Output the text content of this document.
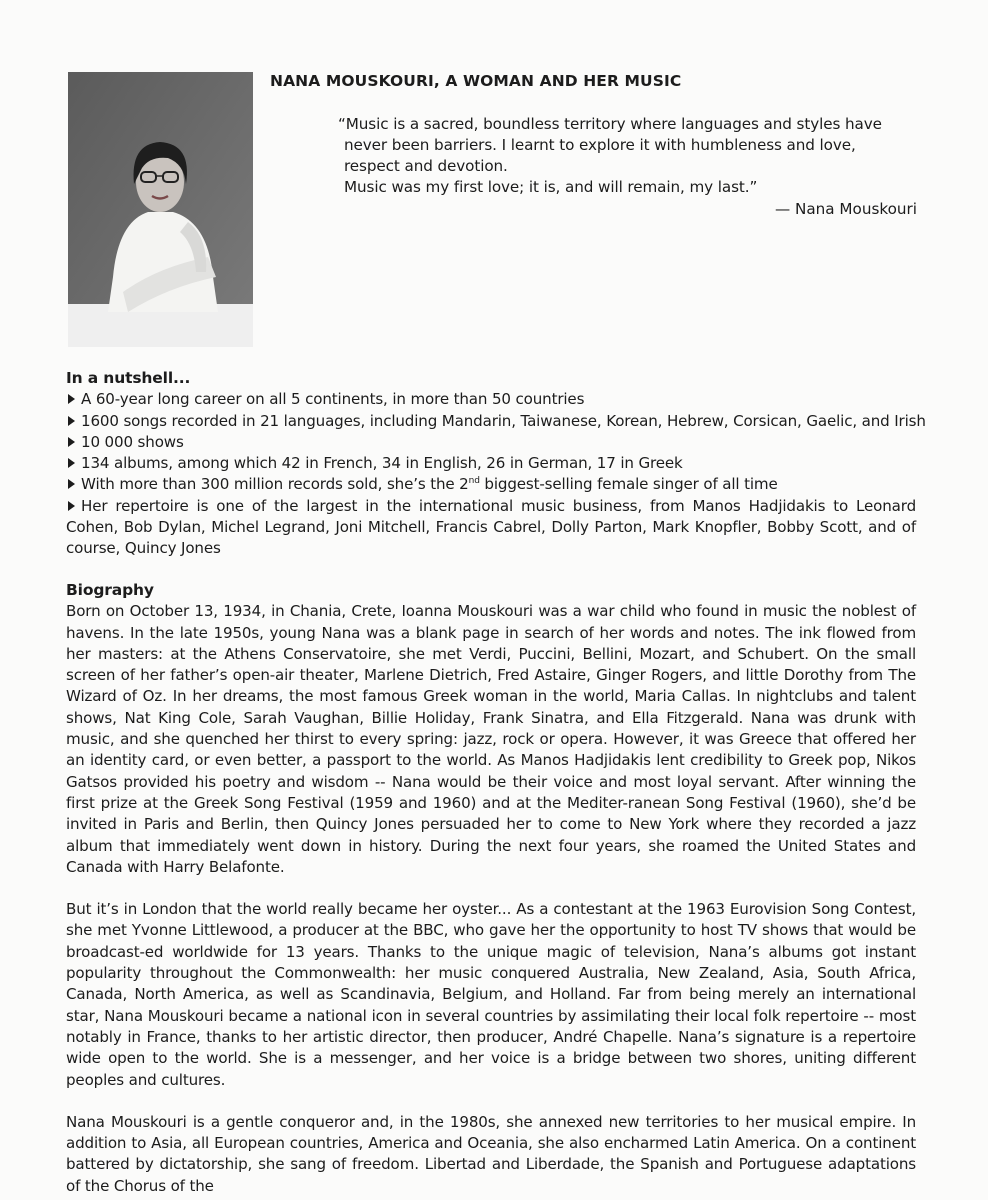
NANA MOUSKOURI, A WOMAN AND HER MUSIC
“Music is a sacred, boundless territory where languages and styles have
never been barriers. I learnt to explore it with humbleness and love,
respect and devotion.
Music was my first love; it is, and will remain, my last.”
— Nana Mouskouri
In a nutshell...
A 60-year long career on all 5 continents, in more than 50 countries
1600 songs recorded in 21 languages, including Mandarin, Taiwanese, Korean, Hebrew, Corsican, Gaelic, and Irish
10 000 shows
134 albums, among which 42 in French, 34 in English, 26 in German, 17 in Greek
With more than 300 million records sold, she’s the 2nd biggest-selling female singer of all time
Her repertoire is one of the largest in the international music business, from Manos Hadjidakis to Leonard Cohen, Bob Dylan, Michel Legrand, Joni Mitchell, Francis Cabrel, Dolly Parton, Mark Knopfler, Bobby Scott, and of course, Quincy Jones
Biography

Born on October 13, 1934, in Chania, Crete, Ioanna Mouskouri was a war child who found in music the noblest of havens. In the late 1950s, young Nana was a blank page in search of her words and notes. The ink flowed from her masters: at the Athens Conservatoire, she met Verdi, Puccini, Bellini, Mozart, and Schubert. On the small screen of her father’s open-air theater, Marlene Dietrich, Fred Astaire, Ginger Rogers, and little Dorothy from The Wizard of Oz. In her dreams, the most famous Greek woman in the world, Maria Callas. In nightclubs and talent shows, Nat King Cole, Sarah Vaughan, Billie Holiday, Frank Sinatra, and Ella Fitzgerald. Nana was drunk with music, and she quenched her thirst to every spring: jazz, rock or opera. However, it was Greece that offered her an identity card, or even better, a passport to the world. As Manos Hadjidakis lent credibility to Greek pop, Nikos Gatsos provided his poetry and wisdom -- Nana would be their voice and most loyal servant. After winning the first prize at the Greek Song Festival (1959 and 1960) and at the Mediter-ranean Song Festival (1960), she’d be invited in Paris and Berlin, then Quincy Jones persuaded her to come to New York where they recorded a jazz album that immediately went down in history. During the next four years, she roamed the United States and Canada with Harry Belafonte.

But it’s in London that the world really became her oyster... As a contestant at the 1963 Eurovision Song Contest, she met Yvonne Littlewood, a producer at the BBC, who gave her the opportunity to host TV shows that would be broadcast-ed worldwide for 13 years. Thanks to the unique magic of television, Nana’s albums got instant popularity throughout the Commonwealth: her music conquered Australia, New Zealand, Asia, South Africa, Canada, North America, as well as Scandinavia, Belgium, and Holland. Far from being merely an international star, Nana Mouskouri became a national icon in several countries by assimilating their local folk repertoire -- most notably in France, thanks to her artistic director, then producer, André Chapelle. Nana’s signature is a repertoire wide open to the world. She is a messenger, and her voice is a bridge between two shores, uniting different peoples and cultures.

Nana Mouskouri is a gentle conqueror and, in the 1980s, she annexed new territories to her musical empire. In addition to Asia, all European countries, America and Oceania, she also encharmed Latin America. On a continent battered by dictatorship, she sang of freedom. Libertad and Liberdade, the Spanish and Portuguese adaptations of the Chorus of the
